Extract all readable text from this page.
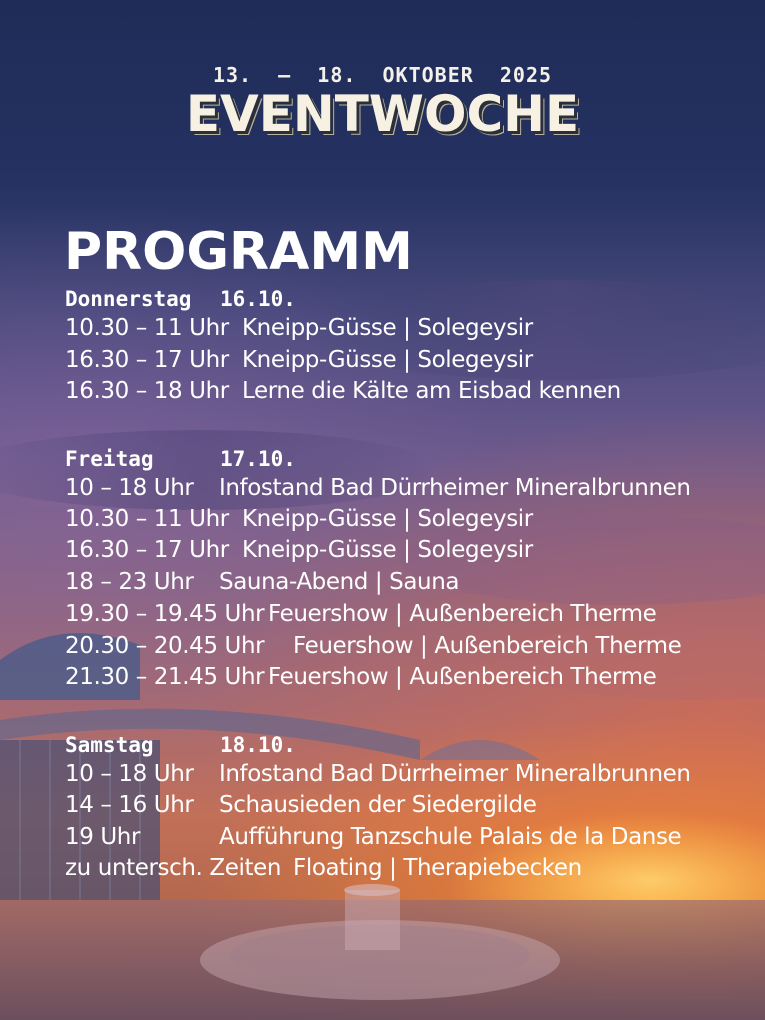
13.  –  18.  OKTOBER  2025
EVENTWOCHE
PROGRAMM
Donnerstag 16.10.
10.30 – 11 Uhr Kneipp-Güsse | Solegeysir
16.30 – 17 Uhr Kneipp-Güsse | Solegeysir
16.30 – 18 Uhr Lerne die Kälte am Eisbad kennen
Freitag	17.10.
10 – 18 Uhr Infostand Bad Dürrheimer Mineralbrunnen
10.30 – 11 Uhr Kneipp-Güsse | Solegeysir
16.30 – 17 Uhr Kneipp-Güsse | Solegeysir
18 – 23 Uhr Sauna-Abend | Sauna
19.30 – 19.45 Uhr Feuershow | Außenbereich Therme
20.30 – 20.45 Uhr Feuershow | Außenbereich Therme
21.30 – 21.45 Uhr Feuershow | Außenbereich Therme
Samstag	18.10.
10 – 18 Uhr Infostand Bad Dürrheimer Mineralbrunnen
14 – 16 Uhr Schausieden der Siedergilde
19 Uhr	Aufführung Tanzschule Palais de la Danse
zu untersch. Zeiten Floating | Therapiebecken
